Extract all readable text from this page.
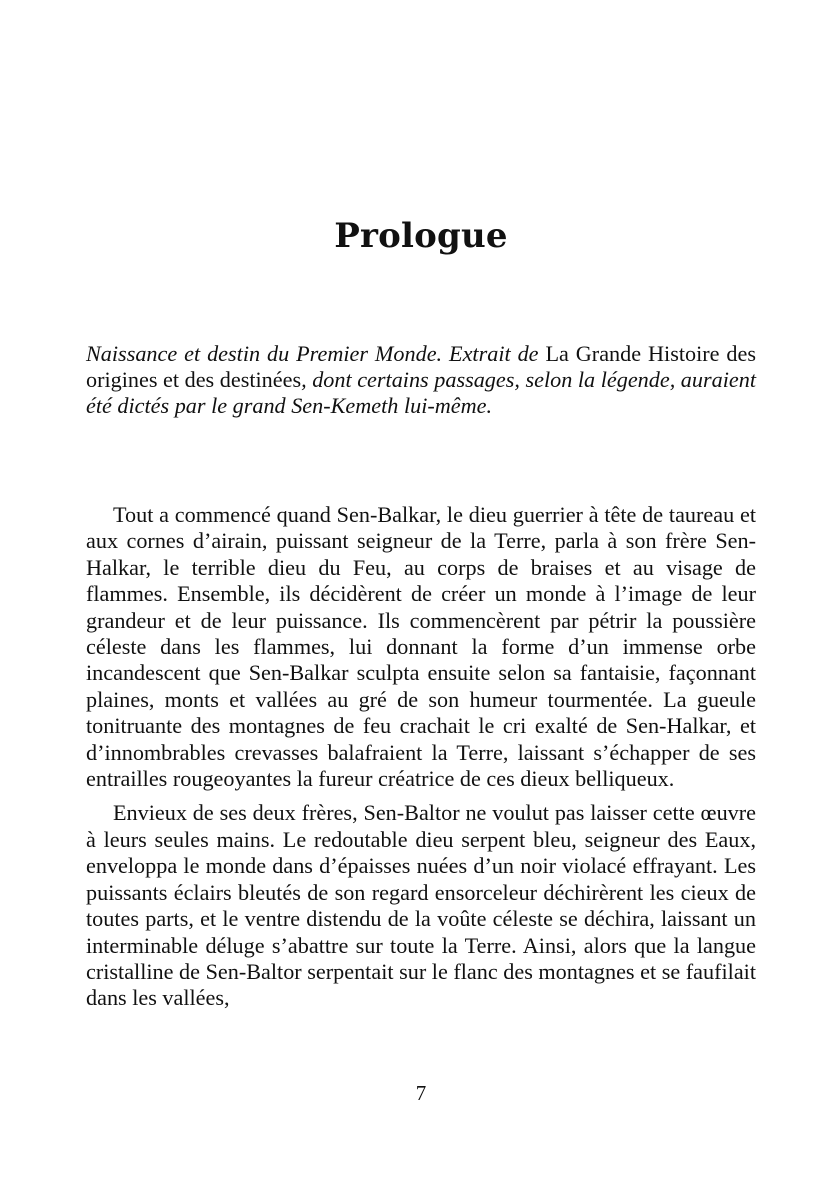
Prologue

Naissance et destin du Premier Monde. Extrait de La Grande Histoire des origines et des destinées, dont certains passages, selon la légende, auraient été dictés par le grand Sen-Kemeth lui-même.

Tout a commencé quand Sen-Balkar, le dieu guerrier à tête de taureau et aux cornes d’airain, puissant seigneur de la Terre, parla à son frère Sen-Halkar, le terrible dieu du Feu, au corps de braises et au visage de flammes. Ensemble, ils décidèrent de créer un monde à l’image de leur grandeur et de leur puissance. Ils commencèrent par pétrir la poussière céleste dans les flammes, lui donnant la forme d’un immense orbe incandescent que Sen-Balkar sculpta ensuite selon sa fantaisie, façonnant plaines, monts et vallées au gré de son humeur tourmentée. La gueule tonitruante des montagnes de feu crachait le cri exalté de Sen-Halkar, et d’innombrables crevasses balafraient la Terre, laissant s’échapper de ses entrailles rougeoyantes la fureur créatrice de ces dieux belliqueux.

Envieux de ses deux frères, Sen-Baltor ne voulut pas laisser cette œuvre à leurs seules mains. Le redoutable dieu serpent bleu, seigneur des Eaux, enveloppa le monde dans d’épaisses nuées d’un noir violacé effrayant. Les puissants éclairs bleutés de son regard ensorceleur déchirèrent les cieux de toutes parts, et le ventre distendu de la voûte céleste se déchira, laissant un interminable déluge s’abattre sur toute la Terre. Ainsi, alors que la langue cristalline de Sen-Baltor serpentait sur le flanc des montagnes et se faufilait dans les vallées,

7
